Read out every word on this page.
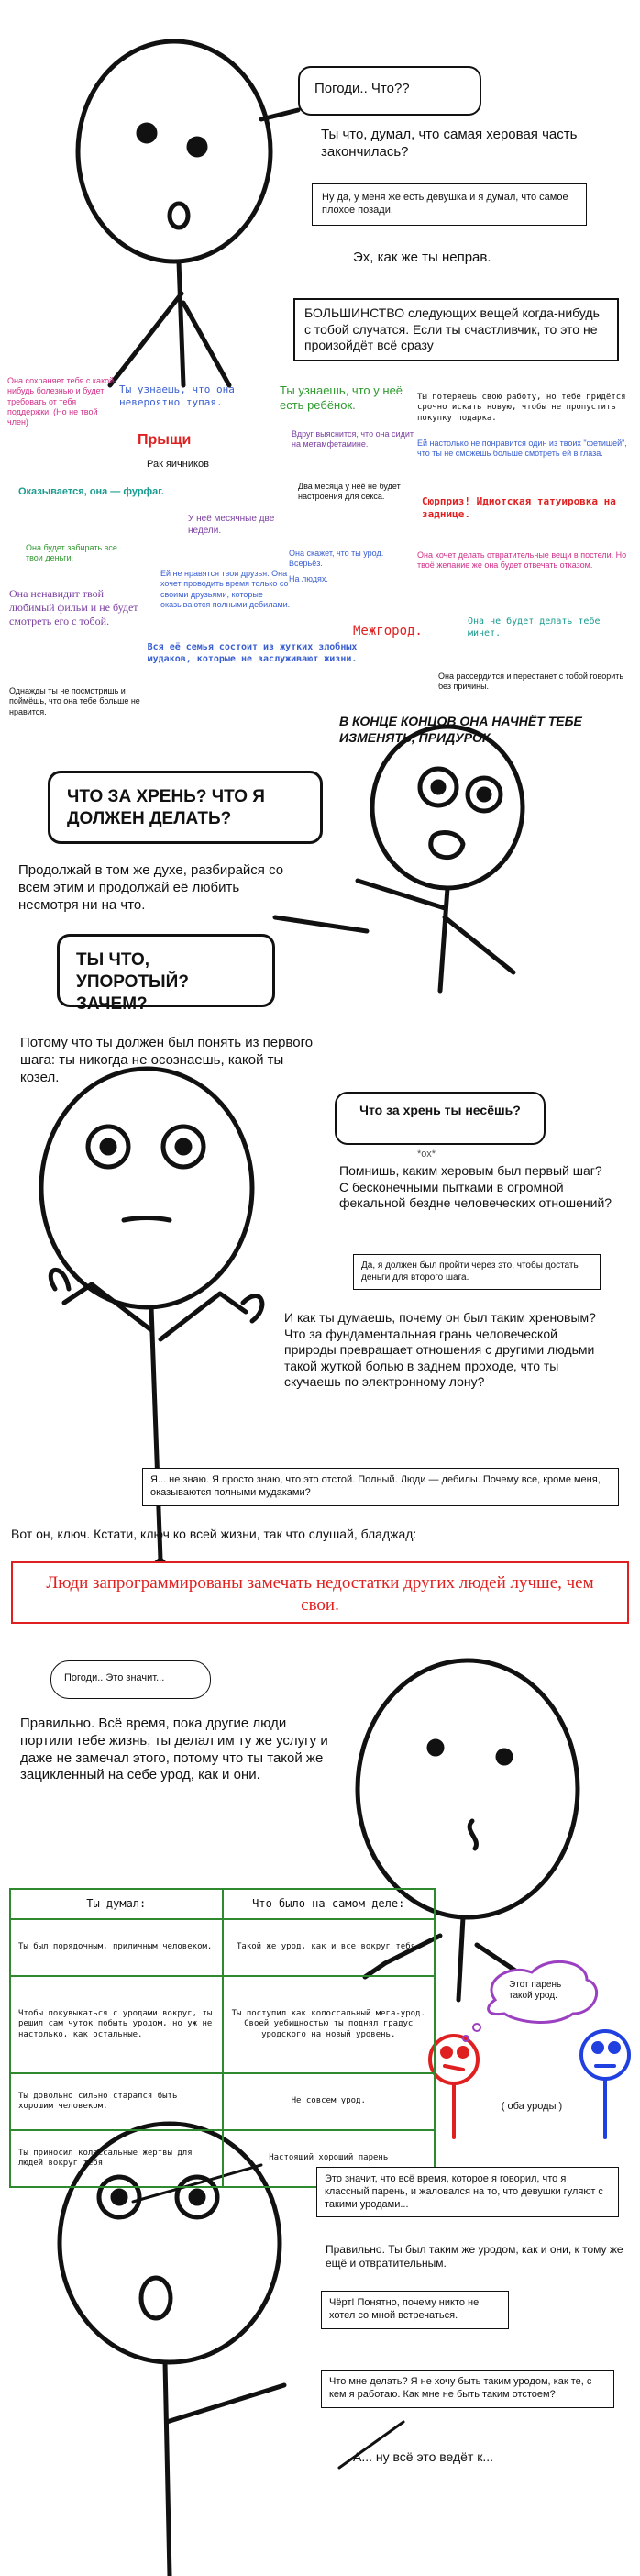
Погоди.. Что??
Ты что, думал, что самая херовая часть закончилась?
Ну да, у меня же есть девушка и я думал, что самое плохое позади.
Эх, как же ты неправ.
БОЛЬШИНСТВО следующих вещей когда-нибудь с тобой случатся. Если ты счастливчик, то это не произойдёт всё сразу
Она сохраняет тебя с какой-нибудь болезнью и будет требовать от тебя поддержки. (Но не твой член)
Ты узнаешь, что она невероятно тупая.
Ты узнаешь, что у неё есть ребёнок.
Ты потеряешь свою работу, но тебе придётся срочно искать новую, чтобы не пропустить покупку подарка.
Прыщи	Вдруг выяснится, что она сидит на метамфетамине.	Ей настолько не понравится один из твоих "фетишей", что ты не сможешь больше смотреть ей в глаза.
Рак яичников
Два месяца у неё не будет настроения для секса.
Оказывается, она — фурфаг.
У неё месячные две недели.
Сюрприз! Идиотская татуировка на заднице.
Она будет забирать все твои деньги.
Она скажет, что ты урод. Всерьёз.
Она хочет делать отвратительные вещи в постели. Но твоё желание же она будет отвечать отказом.
Ей не нравятся твои друзья. Она хочет проводить время только со своими друзьями, которые оказываются полными дебилами.
На людях.
Она ненавидит твой любимый фильм и не будет смотреть его с тобой.
Межгород.
Она не будет делать тебе минет.
Вся её семья состоит из жутких злобных мудаков, которые не заслуживают жизни.
Она рассердится и перестанет с тобой говорить без причины.
Однажды ты не посмотришь и поймёшь, что она тебе больше не нравится.
В КОНЦЕ КОНЦОВ ОНА НАЧНЁТ ТЕБЕ ИЗМЕНЯТЬ, ПРИДУРОК.
ЧТО ЗА ХРЕНЬ? ЧТО Я ДОЛЖЕН ДЕЛАТЬ?
Продолжай в том же духе, разбирайся со всем этим и продолжай её любить несмотря ни на что.
ТЫ ЧТО, УПОРОТЫЙ? ЗАЧЕМ?
Потому что ты должен был понять из первого шага: ты никогда не осознаешь, какой ты козел.
Что за хрень ты несёшь?
*ох*
Помнишь, каким херовым был первый шаг? С бесконечными пытками в огромной фекальной бездне человеческих отношений?
Да, я должен был пройти через это, чтобы достать деньги для второго шага.
И как ты думаешь, почему он был таким хреновым? Что за фундаментальная грань человеческой природы превращает отношения с другими людьми такой жуткой болью в заднем проходе, что ты скучаешь по электронному лону?
Я... не знаю. Я просто знаю, что это отстой. Полный. Люди — дебилы. Почему все, кроме меня, оказываются полными мудаками?
Вот он, ключ. Кстати, ключ ко всей жизни, так что слушай, бладжад:
Люди запрограммированы замечать недостатки других людей лучше, чем свои.
Погоди.. Это значит...
Правильно. Всё время, пока другие люди портили тебе жизнь, ты делал им ту же услугу и даже не замечал этого, потому что ты такой же зацикленный на себе урод, как и они.
Ты думал:	Что было на самом деле:
Ты был порядочным, приличным человеком.	Такой же урод, как и все вокруг тебя.
Чтобы покувыкаться с уродами вокруг, ты решил сам чуток побыть уродом, но уж не настолько, как остальные.	Ты поступил как колоссальный мега-урод. Своей уебищностью ты поднял градус уродского на новый уровень.
Ты довольно сильно старался быть хорошим человеком.	Не совсем урод.
Ты приносил колоссальные жертвы для людей вокруг тебя	Настоящий хороший парень
Этот парень такой урод.
( оба уроды )
Это значит, что всё время, которое я говорил, что я классный парень, и жаловался на то, что девушки гуляют с такими уродами...
Правильно. Ты был таким же уродом, как и они, к тому же ещё и отвратительным.
Чёрт! Понятно, почему никто не хотел со мной встречаться.
Что мне делать? Я не хочу быть таким уродом, как те, с кем я работаю. Как мне не быть таким отстоем?
А... ну всё это ведёт к...
